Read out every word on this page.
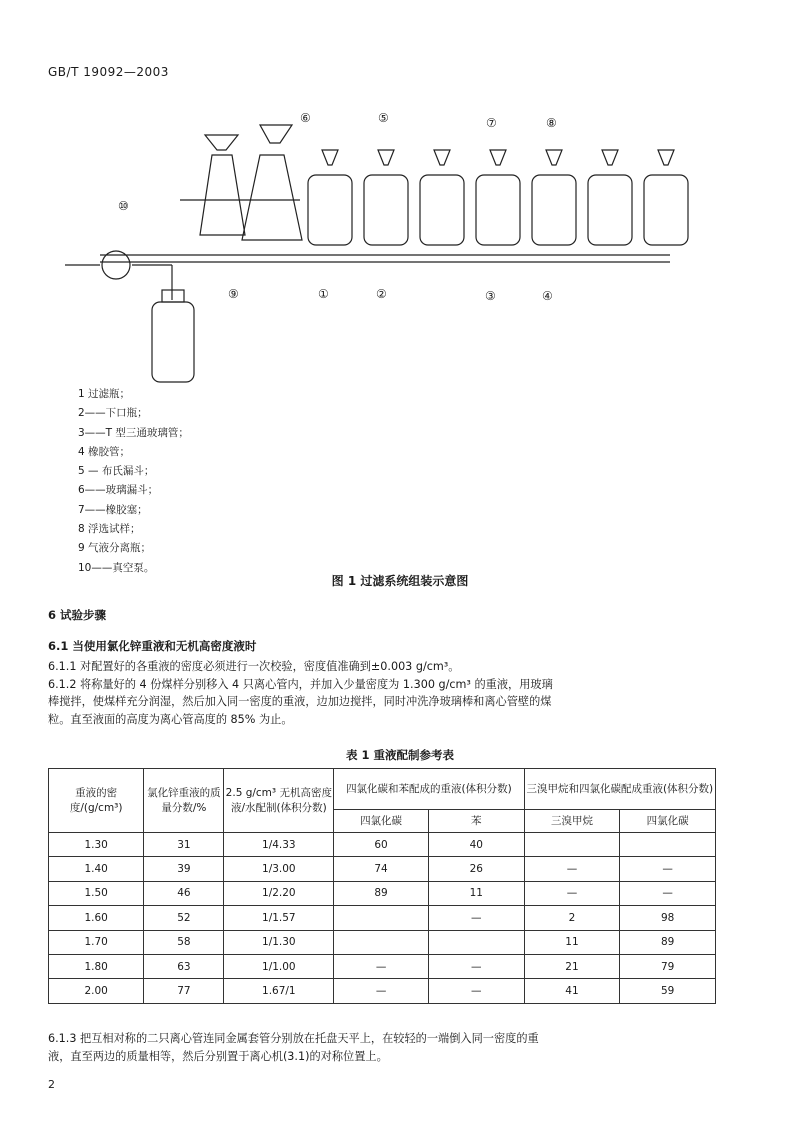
GB/T 19092—2003
⑩
⑥	⑤	⑦	⑧
⑨	①	②	③	④
1 过滤瓶；
2——下口瓶；
3——T 型三通玻璃管；
4 橡胶管；
5 — 布氏漏斗；
6——玻璃漏斗；
7——橡胶塞；
8 浮选试样；
9 气液分离瓶；
10——真空泵。
图 1 过滤系统组装示意图
6 试验步骤
6.1 当使用氯化锌重液和无机高密度液时
6.1.1 对配置好的各重液的密度必须进行一次校验，密度值准确到±0.003 g/cm³。
6.1.2 将称量好的 4 份煤样分别移入 4 只离心管内，并加入少量密度为 1.300 g/cm³ 的重液，用玻璃
棒搅拌，使煤样充分润湿，然后加入同一密度的重液，边加边搅拌，同时冲洗净玻璃棒和离心管壁的煤
粒。直至液面的高度为离心管高度的 85% 为止。
表 1 重液配制参考表
重液的密度/(g/cm³)	氯化锌重液的质量分数/%	2.5 g/cm³ 无机高密度液/水配制(体积分数)	四氯化碳和苯配成的重液(体积分数)		三溴甲烷和四氯化碳配成重液(体积分数)	
			四氯化碳	苯	三溴甲烷	四氯化碳
1.30	31	1/4.33	60	40		
1.40	39	1/3.00	74	26	—	—
1.50	46	1/2.20	89	11	—	—
1.60	52	1/1.57		—	2	98
1.70	58	1/1.30			11	89
1.80	63	1/1.00	—	—	21	79
2.00	77	1.67/1	—	—	41	59
6.1.3 把互相对称的二只离心管连同金属套管分别放在托盘天平上，在较轻的一端倒入同一密度的重
液，直至两边的质量相等，然后分别置于离心机(3.1)的对称位置上。
2
